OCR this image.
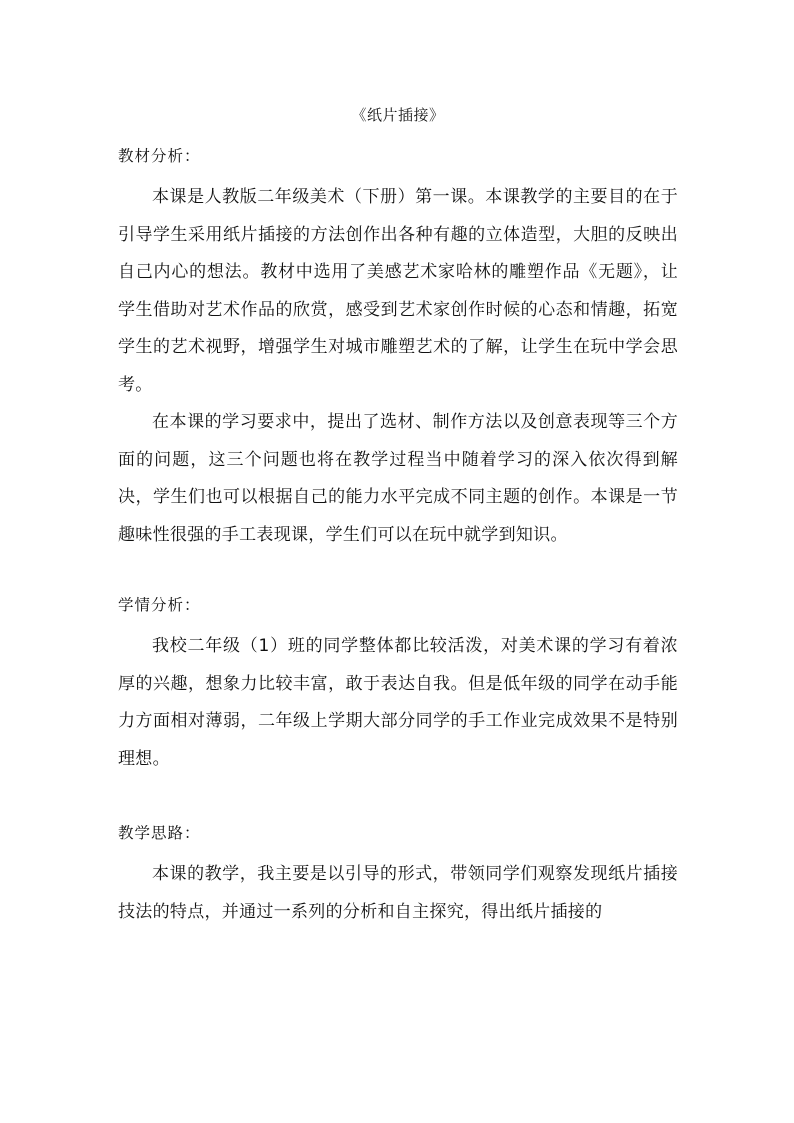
《纸片插接》
教材分析：

本课是人教版二年级美术（下册）第一课。本课教学的主要目的在于引导学生采用纸片插接的方法创作出各种有趣的立体造型，大胆的反映出自己内心的想法。教材中选用了美感艺术家哈林的雕塑作品《无题》，让学生借助对艺术作品的欣赏，感受到艺术家创作时候的心态和情趣，拓宽学生的艺术视野，增强学生对城市雕塑艺术的了解，让学生在玩中学会思考。

在本课的学习要求中，提出了选材、制作方法以及创意表现等三个方面的问题，这三个问题也将在教学过程当中随着学习的深入依次得到解决，学生们也可以根据自己的能力水平完成不同主题的创作。本课是一节趣味性很强的手工表现课，学生们可以在玩中就学到知识。

学情分析：

我校二年级（1）班的同学整体都比较活泼，对美术课的学习有着浓厚的兴趣，想象力比较丰富，敢于表达自我。但是低年级的同学在动手能力方面相对薄弱，二年级上学期大部分同学的手工作业完成效果不是特别理想。

教学思路：

本课的教学，我主要是以引导的形式，带领同学们观察发现纸片插接技法的特点，并通过一系列的分析和自主探究，得出纸片插接的
